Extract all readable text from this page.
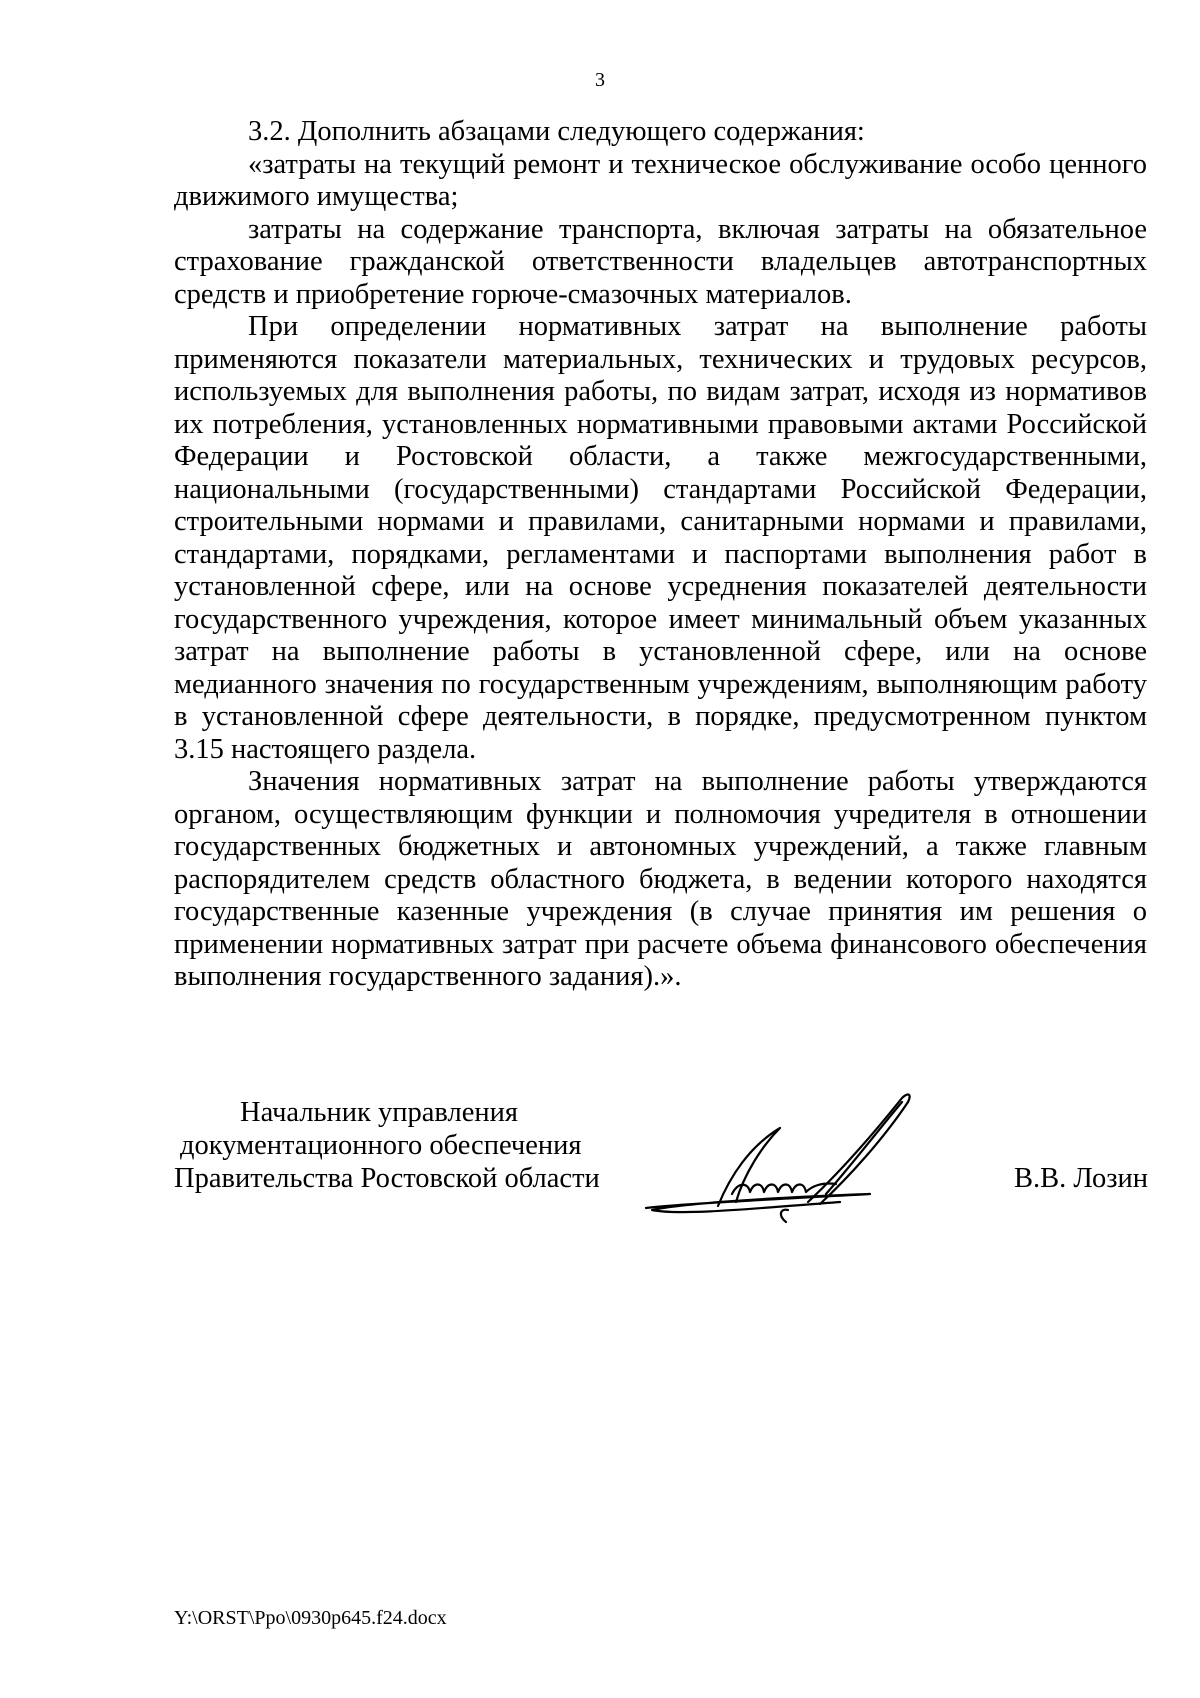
3

3.2. Дополнить абзацами следующего содержания:

«затраты на текущий ремонт и техническое обслуживание особо ценного движимого имущества;

затраты на содержание транспорта, включая затраты на обязательное страхование гражданской ответственности владельцев автотранспортных средств и приобретение горюче-смазочных материалов.

При определении нормативных затрат на выполнение работы применяются показатели материальных, технических и трудовых ресурсов, используемых для выполнения работы, по видам затрат, исходя из нормативов их потребления, установленных нормативными правовыми актами Российской Федерации и Ростовской области, а также межгосударственными, национальными (государственными) стандартами Российской Федерации, строительными нормами и правилами, санитарными нормами и правилами, стандартами, порядками, регламентами и паспортами выполнения работ в установленной сфере, или на основе усреднения показателей деятельности государственного учреждения, которое имеет минимальный объем указанных затрат на выполнение работы в установленной сфере, или на основе медианного значения по государственным учреждениям, выполняющим работу в установленной сфере деятельности, в порядке, предусмотренном пунктом 3.15 настоящего раздела.

Значения нормативных затрат на выполнение работы утверждаются органом, осуществляющим функции и полномочия учредителя в отношении государственных бюджетных и автономных учреждений, а также главным распорядителем средств областного бюджета, в ведении которого находятся государственные казенные учреждения (в случае принятия им решения о применении нормативных затрат при расчете объема финансового обеспечения выполнения государственного задания).».

Начальник управления
документационного обеспечения
Правительства Ростовской области	В.В. Лозин
Y:\ORST\Ppo\0930p645.f24.docx
